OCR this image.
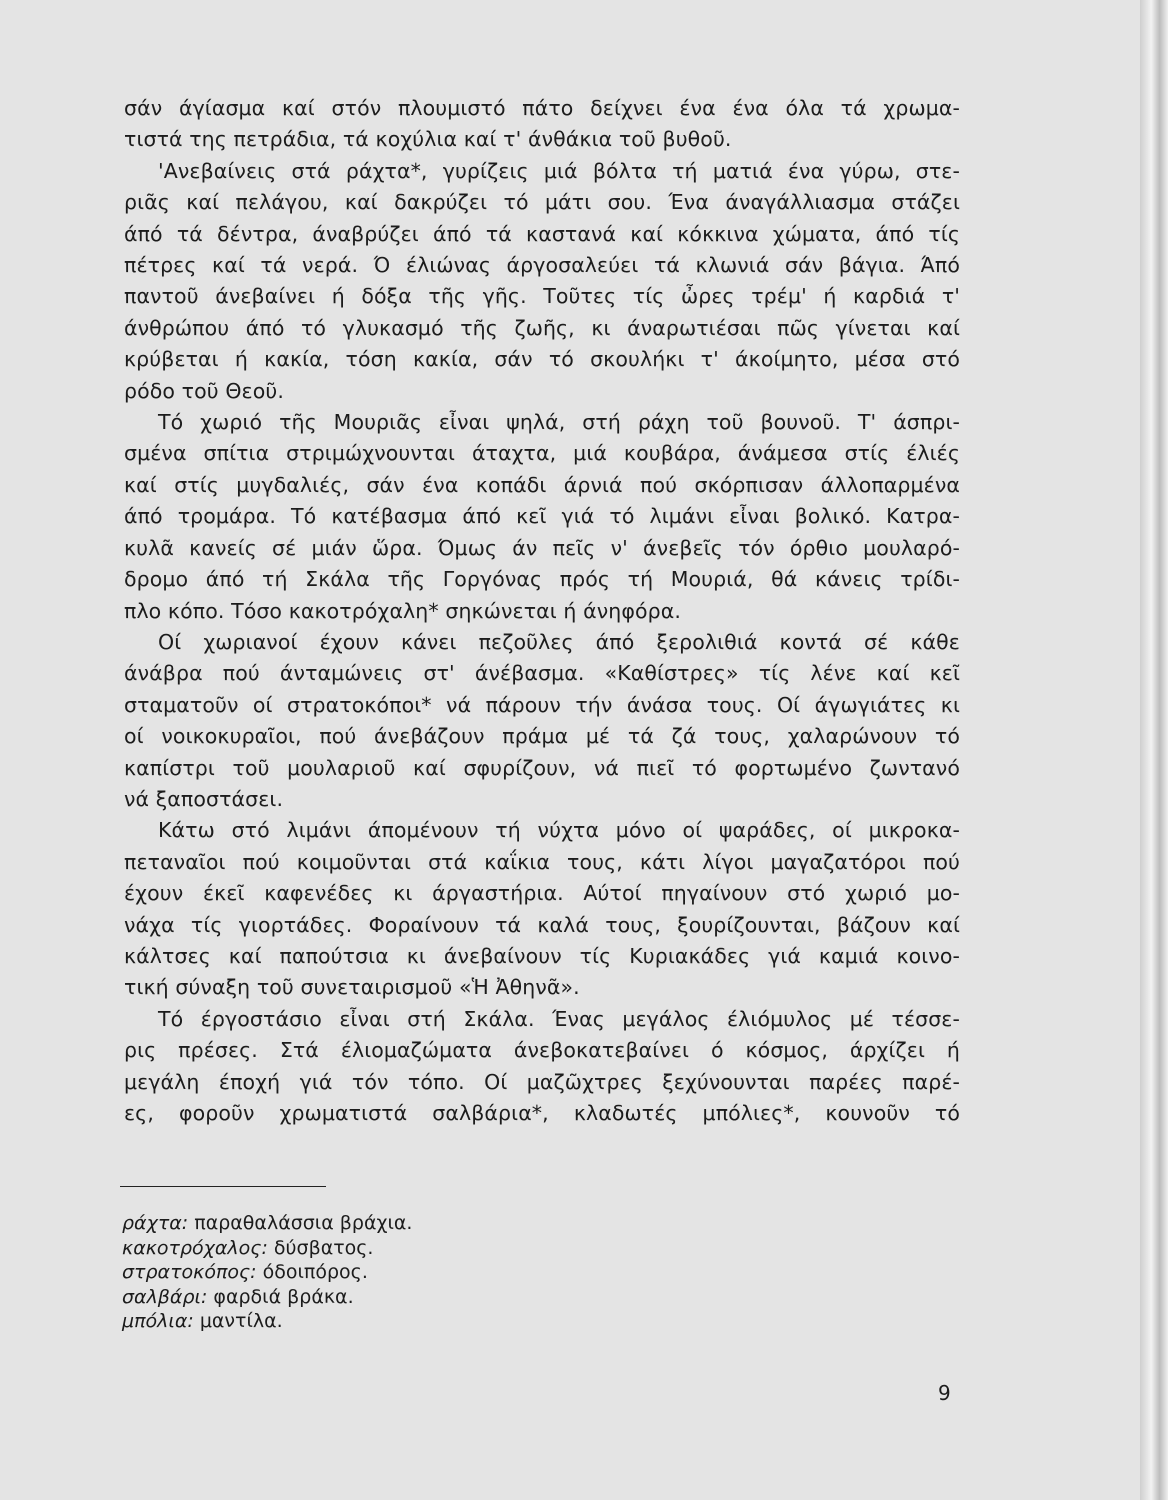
σάν άγίασμα καί στόν πλουμιστό πάτο δείχνει ένα ένα όλα τά χρωμα-
τιστά της πετράδια, τά κοχύλια καί τ' άνθάκια τοῦ βυθοῦ.
'Ανεβαίνεις στά ράχτα*, γυρίζεις μιά βόλτα τή ματιά ένα γύρω, στε-
ριᾶς καί πελάγου, καί δακρύζει τό μάτι σου. Ένα άναγάλλιασμα στάζει
άπό τά δέντρα, άναβρύζει άπό τά καστανά καί κόκκινα χώματα, άπό τίς
πέτρες καί τά νερά. Ό έλιώνας άργοσαλεύει τά κλωνιά σάν βάγια. Άπό
παντοῦ άνεβαίνει ή δόξα τῆς γῆς. Τοῦτες τίς ὦρες τρέμ' ή καρδιά τ'
άνθρώπου άπό τό γλυκασμό τῆς ζωῆς, κι άναρωτιέσαι πῶς γίνεται καί
κρύβεται ή κακία, τόση κακία, σάν τό σκουλήκι τ' άκοίμητο, μέσα στό
ρόδο τοῦ Θεοῦ.
Τό χωριό τῆς Μουριᾶς εἶναι ψηλά, στή ράχη τοῦ βουνοῦ. Τ' άσπρι-
σμένα σπίτια στριμώχνουνται άταχτα, μιά κουβάρα, άνάμεσα στίς έλιές
καί στίς μυγδαλιές, σάν ένα κοπάδι άρνιά πού σκόρπισαν άλλοπαρμένα
άπό τρομάρα. Τό κατέβασμα άπό κεῖ γιά τό λιμάνι εἶναι βολικό. Κατρα-
κυλᾶ κανείς σέ μιάν ὥρα. Όμως άν πεῖς ν' άνεβεῖς τόν όρθιο μουλαρό-
δρομο άπό τή Σκάλα τῆς Γοργόνας πρός τή Μουριά, θά κάνεις τρίδι-
πλο κόπο. Τόσο κακοτρόχαλη* σηκώνεται ή άνηφόρα.
Οί χωριανοί έχουν κάνει πεζοῦλες άπό ξερολιθιά κοντά σέ κάθε
άνάβρα πού άνταμώνεις στ' άνέβασμα. «Καθίστρες» τίς λένε καί κεῖ
σταματοῦν οί στρατοκόποι* νά πάρουν τήν άνάσα τους. Οί άγωγιάτες κι
οί νοικοκυραῖοι, πού άνεβάζουν πράμα μέ τά ζά τους, χαλαρώνουν τό
καπίστρι τοῦ μουλαριοῦ καί σφυρίζουν, νά πιεῖ τό φορτωμένο ζωντανό
νά ξαποστάσει.
Κάτω στό λιμάνι άπομένουν τή νύχτα μόνο οί ψαράδες, οί μικροκα-
πεταναῖοι πού κοιμοῦνται στά καΐκια τους, κάτι λίγοι μαγαζατόροι πού
έχουν έκεῖ καφενέδες κι άργαστήρια. Αύτοί πηγαίνουν στό χωριό μο-
νάχα τίς γιορτάδες. Φοραίνουν τά καλά τους, ξουρίζουνται, βάζουν καί
κάλτσες καί παπούτσια κι άνεβαίνουν τίς Κυριακάδες γιά καμιά κοινο-
τική σύναξη τοῦ συνεταιρισμοῦ «Ἡ Ἀθηνᾶ».
Τό έργοστάσιο εἶναι στή Σκάλα. Ένας μεγάλος έλιόμυλος μέ τέσσε-
ρις πρέσες. Στά έλιομαζώματα άνεβοκατεβαίνει ό κόσμος, άρχίζει ή
μεγάλη έποχή γιά τόν τόπο. Οί μαζῶχτρες ξεχύνουνται παρέες παρέ-
ες, φοροῦν χρωματιστά σαλβάρια*, κλαδωτές μπόλιες*, κουνοῦν τό
ράχτα: παραθαλάσσια βράχια.
κακοτρόχαλος: δύσβατος.
στρατοκόπος: όδοιπόρος.
σαλβάρι: φαρδιά βράκα.
μπόλια: μαντίλα.
9
